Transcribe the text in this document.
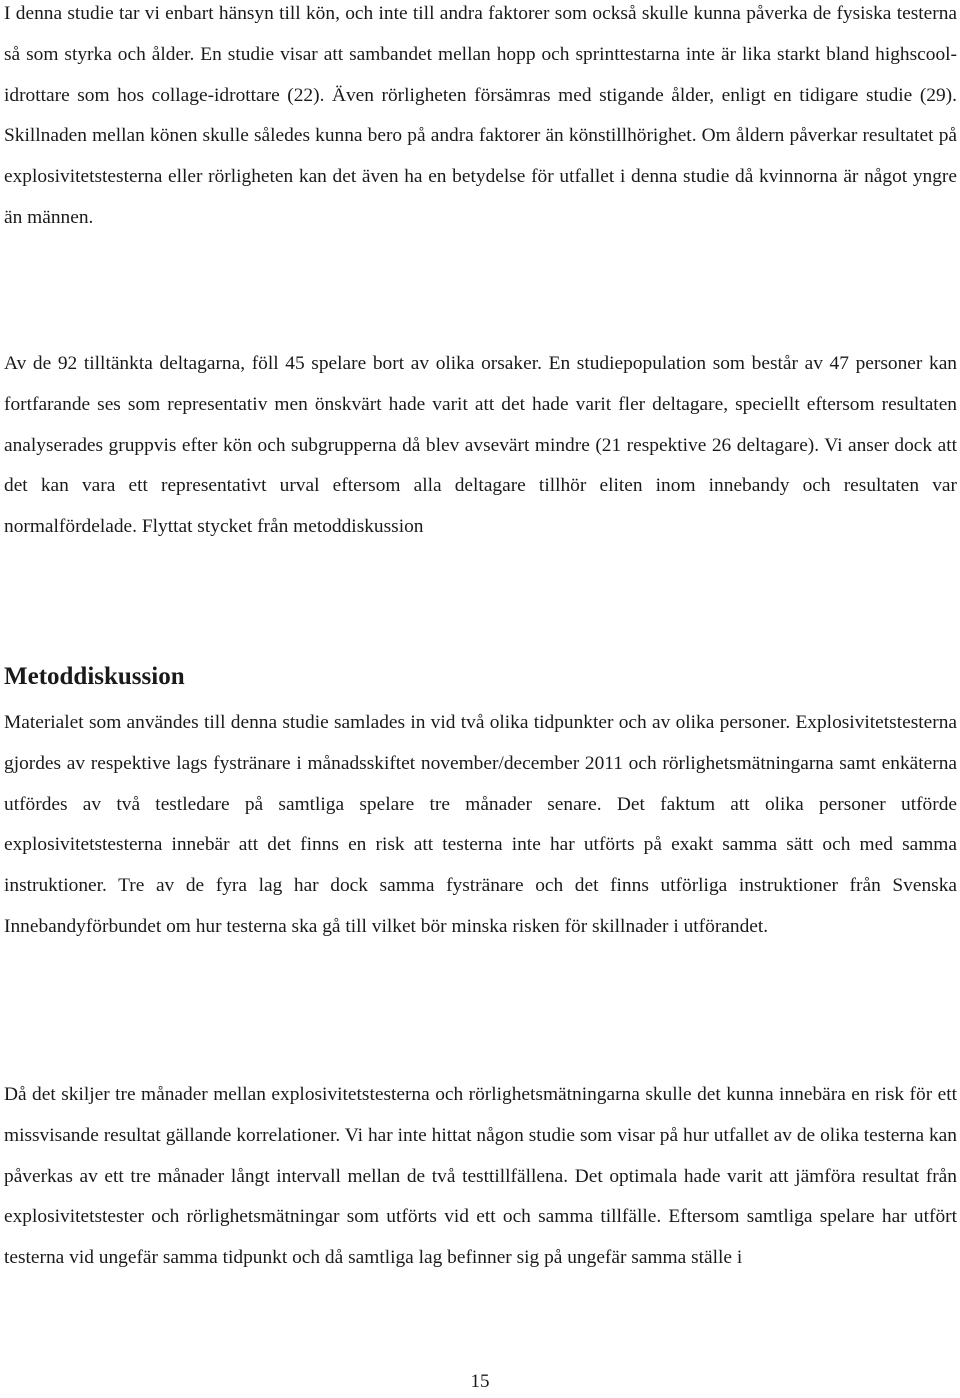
I denna studie tar vi enbart hänsyn till kön, och inte till andra faktorer som också skulle kunna påverka de fysiska testerna så som styrka och ålder. En studie visar att sambandet mellan hopp och sprinttestarna inte är lika starkt bland highscool-idrottare som hos collage-idrottare (22). Även rörligheten försämras med stigande ålder, enligt en tidigare studie (29). Skillnaden mellan könen skulle således kunna bero på andra faktorer än könstillhörighet. Om åldern påverkar resultatet på explosivitetstesterna eller rörligheten kan det även ha en betydelse för utfallet i denna studie då kvinnorna är något yngre än männen.

Av de 92 tilltänkta deltagarna, föll 45 spelare bort av olika orsaker. En studiepopulation som består av 47 personer kan fortfarande ses som representativ men önskvärt hade varit att det hade varit fler deltagare, speciellt eftersom resultaten analyserades gruppvis efter kön och subgrupperna då blev avsevärt mindre (21 respektive 26 deltagare). Vi anser dock att det kan vara ett representativt urval eftersom alla deltagare tillhör eliten inom innebandy och resultaten var normalfördelade. Flyttat stycket från metoddiskussion

Metoddiskussion

Materialet som användes till denna studie samlades in vid två olika tidpunkter och av olika personer. Explosivitetstesterna gjordes av respektive lags fystränare i månadsskiftet november/december 2011 och rörlighetsmätningarna samt enkäterna utfördes av två testledare på samtliga spelare tre månader senare. Det faktum att olika personer utförde explosivitetstesterna innebär att det finns en risk att testerna inte har utförts på exakt samma sätt och med samma instruktioner. Tre av de fyra lag har dock samma fystränare och det finns utförliga instruktioner från Svenska Innebandyförbundet om hur testerna ska gå till vilket bör minska risken för skillnader i utförandet.

Då det skiljer tre månader mellan explosivitetstesterna och rörlighetsmätningarna skulle det kunna innebära en risk för ett missvisande resultat gällande korrelationer. Vi har inte hittat någon studie som visar på hur utfallet av de olika testerna kan påverkas av ett tre månader långt intervall mellan de två testtillfällena. Det optimala hade varit att jämföra resultat från explosivitetstester och rörlighetsmätningar som utförts vid ett och samma tillfälle. Eftersom samtliga spelare har utfört testerna vid ungefär samma tidpunkt och då samtliga lag befinner sig på ungefär samma ställe i

15
